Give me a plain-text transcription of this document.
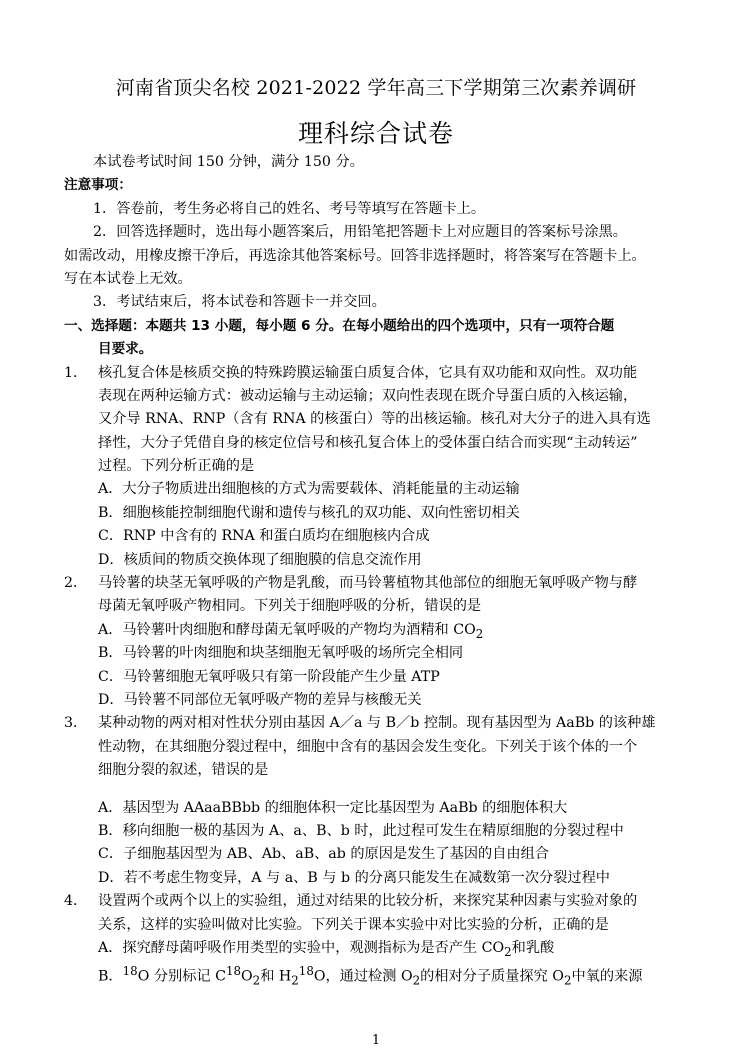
河南省顶尖名校 2021-2022 学年高三下学期第三次素养调研
理科综合试卷
本试卷考试时间 150 分钟，满分 150 分。
注意事项：
1．答卷前，考生务必将自己的姓名、考号等填写在答题卡上。
2．回答选择题时，选出每小题答案后，用铅笔把答题卡上对应题目的答案标号涂黑。
如需改动，用橡皮擦干净后，再选涂其他答案标号。回答非选择题时，将答案写在答题卡上。
写在本试卷上无效。
3．考试结束后，将本试卷和答题卡一并交回。
一、选择题：本题共 13 小题，每小题 6 分。在每小题给出的四个选项中，只有一项符合题
目要求。
1． 核孔复合体是核质交换的特殊跨膜运输蛋白质复合体，它具有双功能和双向性。双功能
表现在两种运输方式：被动运输与主动运输；双向性表现在既介导蛋白质的入核运输，
又介导 RNA、RNP（含有 RNA 的核蛋白）等的出核运输。核孔对大分子的进入具有选
择性，大分子凭借自身的核定位信号和核孔复合体上的受体蛋白结合而实现“主动转运”
过程。下列分析正确的是
A．大分子物质进出细胞核的方式为需要载体、消耗能量的主动运输
B．细胞核能控制细胞代谢和遗传与核孔的双功能、双向性密切相关
C．RNP 中含有的 RNA 和蛋白质均在细胞核内合成
D．核质间的物质交换体现了细胞膜的信息交流作用
2． 马铃薯的块茎无氧呼吸的产物是乳酸，而马铃薯植物其他部位的细胞无氧呼吸产物与酵
母菌无氧呼吸产物相同。下列关于细胞呼吸的分析，错误的是
A．马铃薯叶肉细胞和酵母菌无氧呼吸的产物均为酒精和 $CO_2$
B．马铃薯的叶肉细胞和块茎细胞无氧呼吸的场所完全相同
C．马铃薯细胞无氧呼吸只有第一阶段能产生少量 ATP
D．马铃薯不同部位无氧呼吸产物的差异与核酸无关
3． 某种动物的两对相对性状分别由基因 A／a 与 B／b 控制。现有基因型为 AaBb 的该种雄
性动物，在其细胞分裂过程中，细胞中含有的基因会发生变化。下列关于该个体的一个
细胞分裂的叙述，错误的是
A．基因型为 AAaaBBbb 的细胞体积一定比基因型为 AaBb 的细胞体积大
B．移向细胞一极的基因为 A、a、B、b 时，此过程可发生在精原细胞的分裂过程中
C．子细胞基因型为 AB、Ab、aB、ab 的原因是发生了基因的自由组合
D．若不考虑生物变异，A 与 a、B 与 b 的分离只能发生在减数第一次分裂过程中
4． 设置两个或两个以上的实验组，通过对结果的比较分析，来探究某种因素与实验对象的
关系，这样的实验叫做对比实验。下列关于课本实验中对比实验的分析，正确的是
A．探究酵母菌呼吸作用类型的实验中，观测指标为是否产生 $CO_2$和乳酸
B．$^{18}$O 分别标记 $C^{18}O_2$和 $H_2^{18}O$，通过检测 $O_2$的相对分子质量探究 $O_2$中氧的来源
1
